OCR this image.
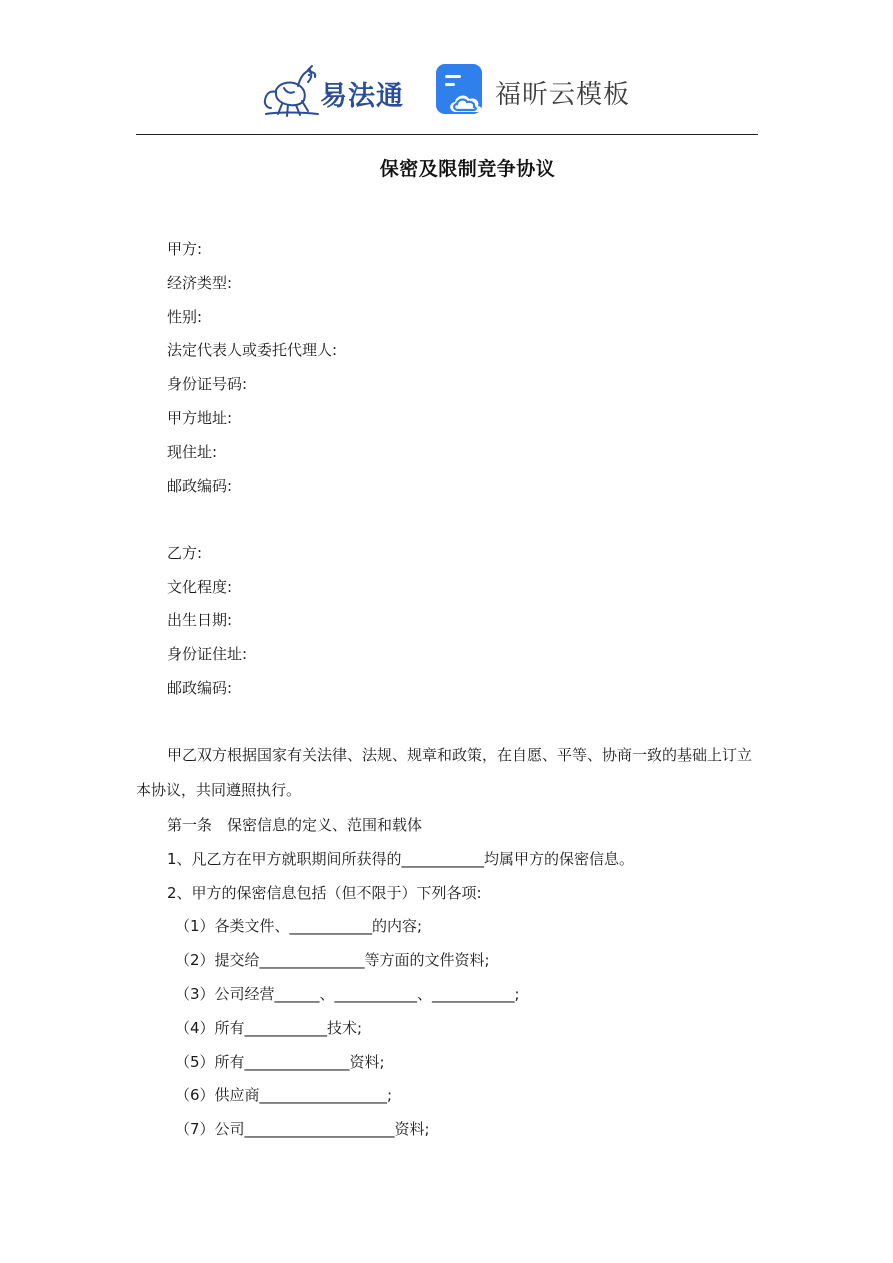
易法通	福昕云模板
保密及限制竞争协议
甲方:
经济类型:
性别:
法定代表人或委托代理人:
身份证号码:
甲方地址:
现住址:
邮政编码:
乙方:
文化程度:
出生日期:
身份证住址:
邮政编码:
甲乙双方根据国家有关法律、法规、规章和政策，在自愿、平等、协商一致的基础上订立
本协议，共同遵照执行。
第一条　保密信息的定义、范围和载体
1、凡乙方在甲方就职期间所获得的___________均属甲方的保密信息。
2、甲方的保密信息包括（但不限于）下列各项:
（1）各类文件、___________的内容;
（2）提交给______________等方面的文件资料;
（3）公司经营______、___________、___________;
（4）所有___________技术;
（5）所有______________资料;
（6）供应商_________________;
（7）公司____________________资料;
